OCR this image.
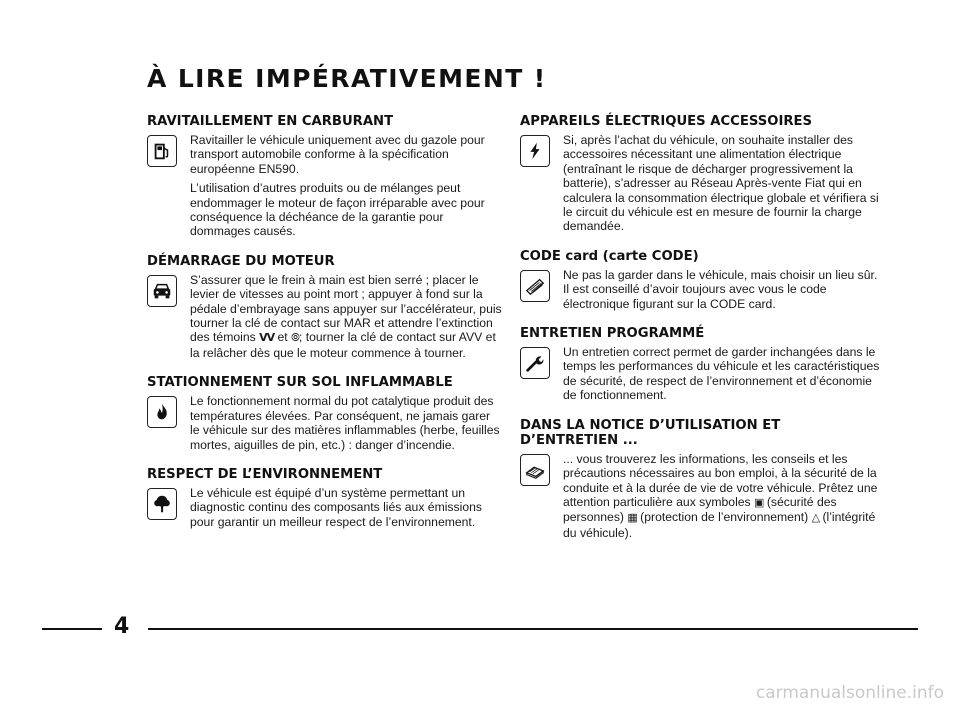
À LIRE IMPÉRATIVEMENT !
RAVITAILLEMENT EN CARBURANT

Ravitailler le véhicule uniquement avec du gazole pour transport automobile conforme à la spécification européenne EN590.

L’utilisation d’autres produits ou de mélanges peut endommager le moteur de façon irréparable avec pour conséquence la déchéance de la garantie pour dommages causés.

DÉMARRAGE DU MOTEUR

S’assurer que le frein à main est bien serré ; placer le levier de vitesses au point mort ; appuyer à fond sur la pédale d’embrayage sans appuyer sur l’accélérateur, puis tourner la clé de contact sur MAR et attendre l’extinction des témoins 𝗩𝗩 et ⦾; tourner la clé de contact sur AVV et la relâcher dès que le moteur commence à tourner.

STATIONNEMENT SUR SOL INFLAMMABLE

Le fonctionnement normal du pot catalytique produit des températures élevées. Par conséquent, ne jamais garer le véhicule sur des matières inflammables (herbe, feuilles mortes, aiguilles de pin, etc.) : danger d’incendie.

RESPECT DE L’ENVIRONNEMENT

Le véhicule est équipé d’un système permettant un diagnostic continu des composants liés aux émissions pour garantir un meilleur respect de l’environnement.

APPAREILS ÉLECTRIQUES ACCESSOIRES

Si, après l’achat du véhicule, on souhaite installer des accessoires nécessitant une alimentation électrique (entraînant le risque de décharger progressivement la batterie), s’adresser au Réseau Après-vente Fiat qui en calculera la consommation électrique globale et vérifiera si le circuit du véhicule est en mesure de fournir la charge demandée.

CODE card (carte CODE)

Ne pas la garder dans le véhicule, mais choisir un lieu sûr. Il est conseillé d’avoir toujours avec vous le code électronique figurant sur la CODE card.

ENTRETIEN PROGRAMMÉ

Un entretien correct permet de garder inchangées dans le temps les performances du véhicule et les caractéristiques de sécurité, de respect de l’environnement et d’économie de fonctionnement.

DANS LA NOTICE D’UTILISATION ET D’ENTRETIEN ...

... vous trouverez les informations, les conseils et les précautions nécessaires au bon emploi, à la sécurité de la conduite et à la durée de vie de votre véhicule. Prêtez une attention particulière aux symboles ▣ (sécurité des personnes) ▦ (protection de l’environnement) △ (l’intégrité du véhicule).

4
carmanualsonline.info
